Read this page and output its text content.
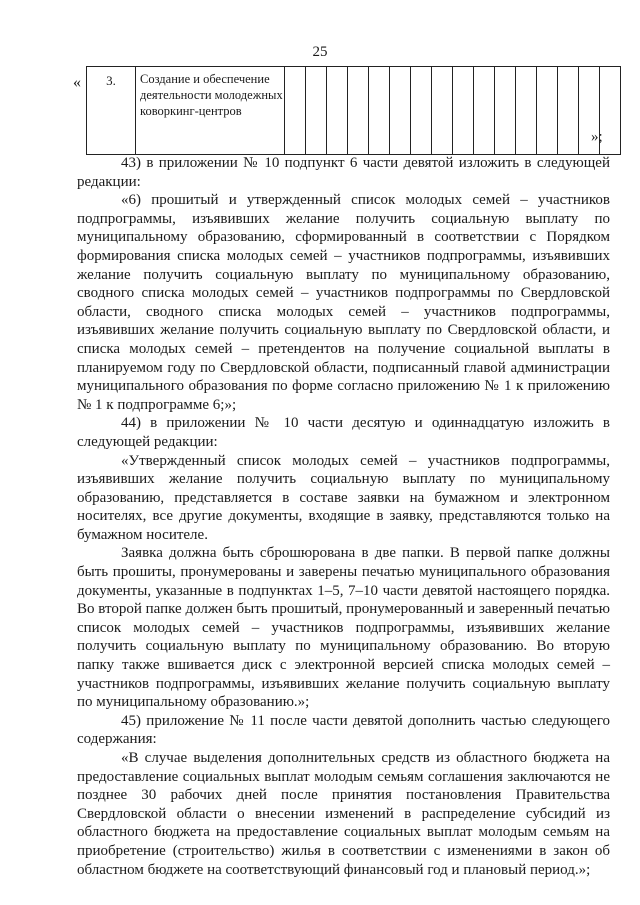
25
« 3.	Создание и обеспечение деятельности молодежных коворкинг-центров																
»;

43) в приложении № 10 подпункт 6 части девятой изложить в следующей редакции:

«6) прошитый и утвержденный список молодых семей – участников подпрограммы, изъявивших желание получить социальную выплату по муниципальному образованию, сформированный в соответствии с Порядком формирования списка молодых семей – участников подпрограммы, изъявивших желание получить социальную выплату по муниципальному образованию, сводного списка молодых семей – участников подпрограммы по Свердловской области, сводного списка молодых семей – участников подпрограммы, изъявивших желание получить социальную выплату по Свердловской области, и списка молодых семей – претендентов на получение социальной выплаты в планируемом году по Свердловской области, подписанный главой администрации муниципального образования по форме согласно приложению № 1 к приложению № 1 к подпрограмме 6;»;

44) в приложении № 10 части десятую и одиннадцатую изложить в следующей редакции:

«Утвержденный список молодых семей – участников подпрограммы, изъявивших желание получить социальную выплату по муниципальному образованию, представляется в составе заявки на бумажном и электронном носителях, все другие документы, входящие в заявку, представляются только на бумажном носителе.

Заявка должна быть сброшюрована в две папки. В первой папке должны быть прошиты, пронумерованы и заверены печатью муниципального образования документы, указанные в подпунктах 1–5, 7–10 части девятой настоящего порядка. Во второй папке должен быть прошитый, пронумерованный и заверенный печатью список молодых семей – участников подпрограммы, изъявивших желание получить социальную выплату по муниципальному образованию. Во вторую папку также вшивается диск с электронной версией списка молодых семей – участников подпрограммы, изъявивших желание получить социальную выплату по муниципальному образованию.»;

45) приложение № 11 после части девятой дополнить частью следующего содержания:

«В случае выделения дополнительных средств из областного бюджета на предоставление социальных выплат молодым семьям соглашения заключаются не позднее 30 рабочих дней после принятия постановления Правительства Свердловской области о внесении изменений в распределение субсидий из областного бюджета на предоставление социальных выплат молодым семьям на приобретение (строительство) жилья в соответствии с изменениями в закон об областном бюджете на соответствующий финансовый год и плановый период.»;
